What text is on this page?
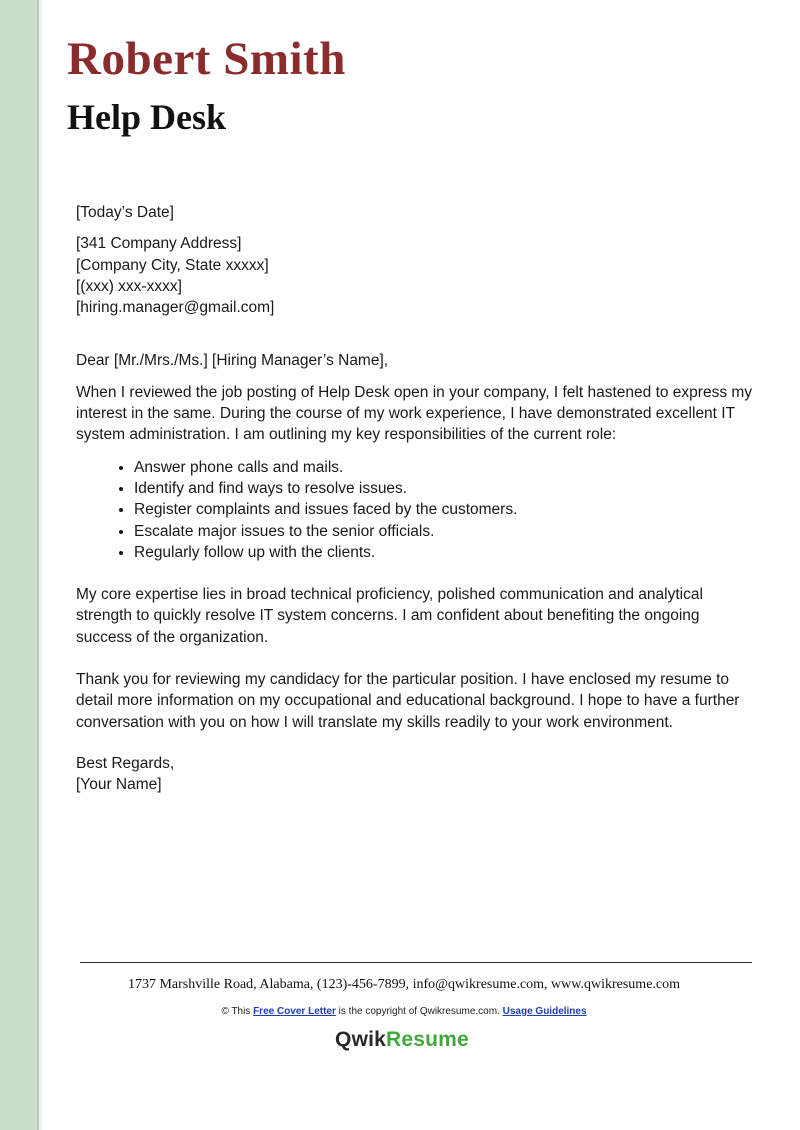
Robert Smith
Help Desk

[Today’s Date]

[341 Company Address]
[Company City, State xxxxx]
[(xxx) xxx-xxxx]
[hiring.manager@gmail.com]

Dear [Mr./Mrs./Ms.] [Hiring Manager’s Name],

When I reviewed the job posting of Help Desk open in your company, I felt hastened to express my interest in the same. During the course of my work experience, I have demonstrated excellent IT system administration. I am outlining my key responsibilities of the current role:

• Answer phone calls and mails.
• Identify and find ways to resolve issues.
• Register complaints and issues faced by the customers.
• Escalate major issues to the senior officials.
• Regularly follow up with the clients.

My core expertise lies in broad technical proficiency, polished communication and analytical strength to quickly resolve IT system concerns. I am confident about benefiting the ongoing success of the organization.

Thank you for reviewing my candidacy for the particular position. I have enclosed my resume to detail more information on my occupational and educational background. I hope to have a further conversation with you on how I will translate my skills readily to your work environment.

Best Regards,
[Your Name]
1737 Marshville Road, Alabama, (123)-456-7899, info@qwikresume.com, www.qwikresume.com
© This Free Cover Letter is the copyright of Qwikresume.com. Usage Guidelines
QwikResume
